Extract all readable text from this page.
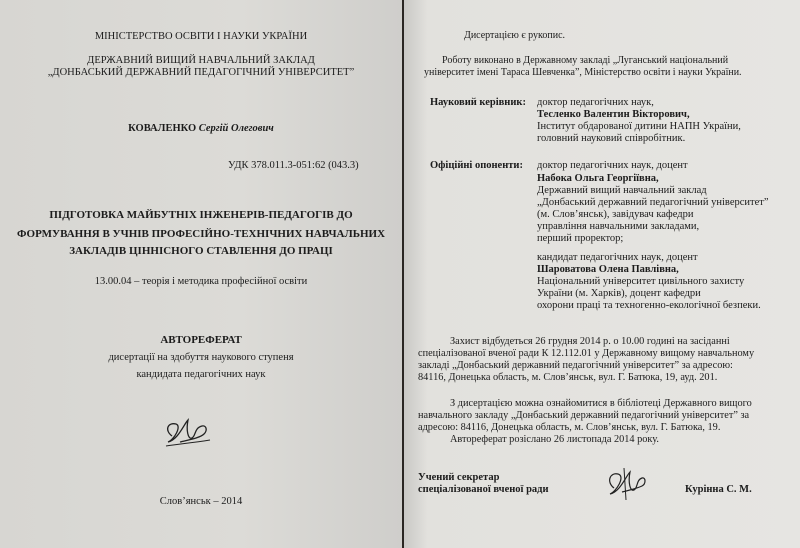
МІНІСТЕРСТВО ОСВІТИ І НАУКИ УКРАЇНИ
ДЕРЖАВНИЙ ВИЩИЙ НАВЧАЛЬНИЙ ЗАКЛАД
„ДОНБАСЬКИЙ ДЕРЖАВНИЙ ПЕДАГОГІЧНИЙ УНІВЕРСИТЕТ”
КОВАЛЕНКО Сергій Олегович
УДК 378.011.3-051:62 (043.3)
ПІДГОТОВКА МАЙБУТНІХ ІНЖЕНЕРІВ-ПЕДАГОГІВ ДО
ФОРМУВАННЯ В УЧНІВ ПРОФЕСІЙНО-ТЕХНІЧНИХ НАВЧАЛЬНИХ
ЗАКЛАДІВ ЦІННІСНОГО СТАВЛЕННЯ ДО ПРАЦІ
13.00.04 – теорія і методика професійної освіти
АВТОРЕФЕРАТ
дисертації на здобуття наукового ступеня
кандидата педагогічних наук
Слов’янськ – 2014
Дисертацією є рукопис.
Роботу виконано в Державному закладі „Луганський національний
університет імені Тараса Шевченка”, Міністерство освіти і науки України.
Науковий керівник: доктор педагогічних наук,
Тесленко Валентин Вікторович,
Інститут обдарованої дитини НАПН України,
головний науковий співробітник.
Офіційні опоненти: доктор педагогічних наук, доцент
Набока Ольга Георгіївна,
Державний вищий навчальний заклад
„Донбаський державний педагогічний університет”
(м. Слов’янськ), завідувач кафедри
управління навчальними закладами,
перший проректор;
кандидат педагогічних наук, доцент
Шароватова Олена Павлівна,
Національний університет цивільного захисту
України (м. Харків), доцент кафедри
охорони праці та техногенно-екологічної безпеки.
Захист відбудеться 26 грудня 2014 р. о 10.00 годині на засіданні
спеціалізованої вченої ради К 12.112.01 у Державному вищому навчальному
закладі „Донбаський державний педагогічний університет” за адресою:
84116, Донецька область, м. Слов’янськ, вул. Г. Батюка, 19, ауд. 201.
З дисертацією можна ознайомитися в бібліотеці Державного вищого
навчального закладу „Донбаський державний педагогічний університет” за
адресою: 84116, Донецька область, м. Слов’янськ, вул. Г. Батюка, 19.
Автореферат розіслано 26 листопада 2014 року.
Учений секретар
спеціалізованої вченої ради	Куріннa С. М.
